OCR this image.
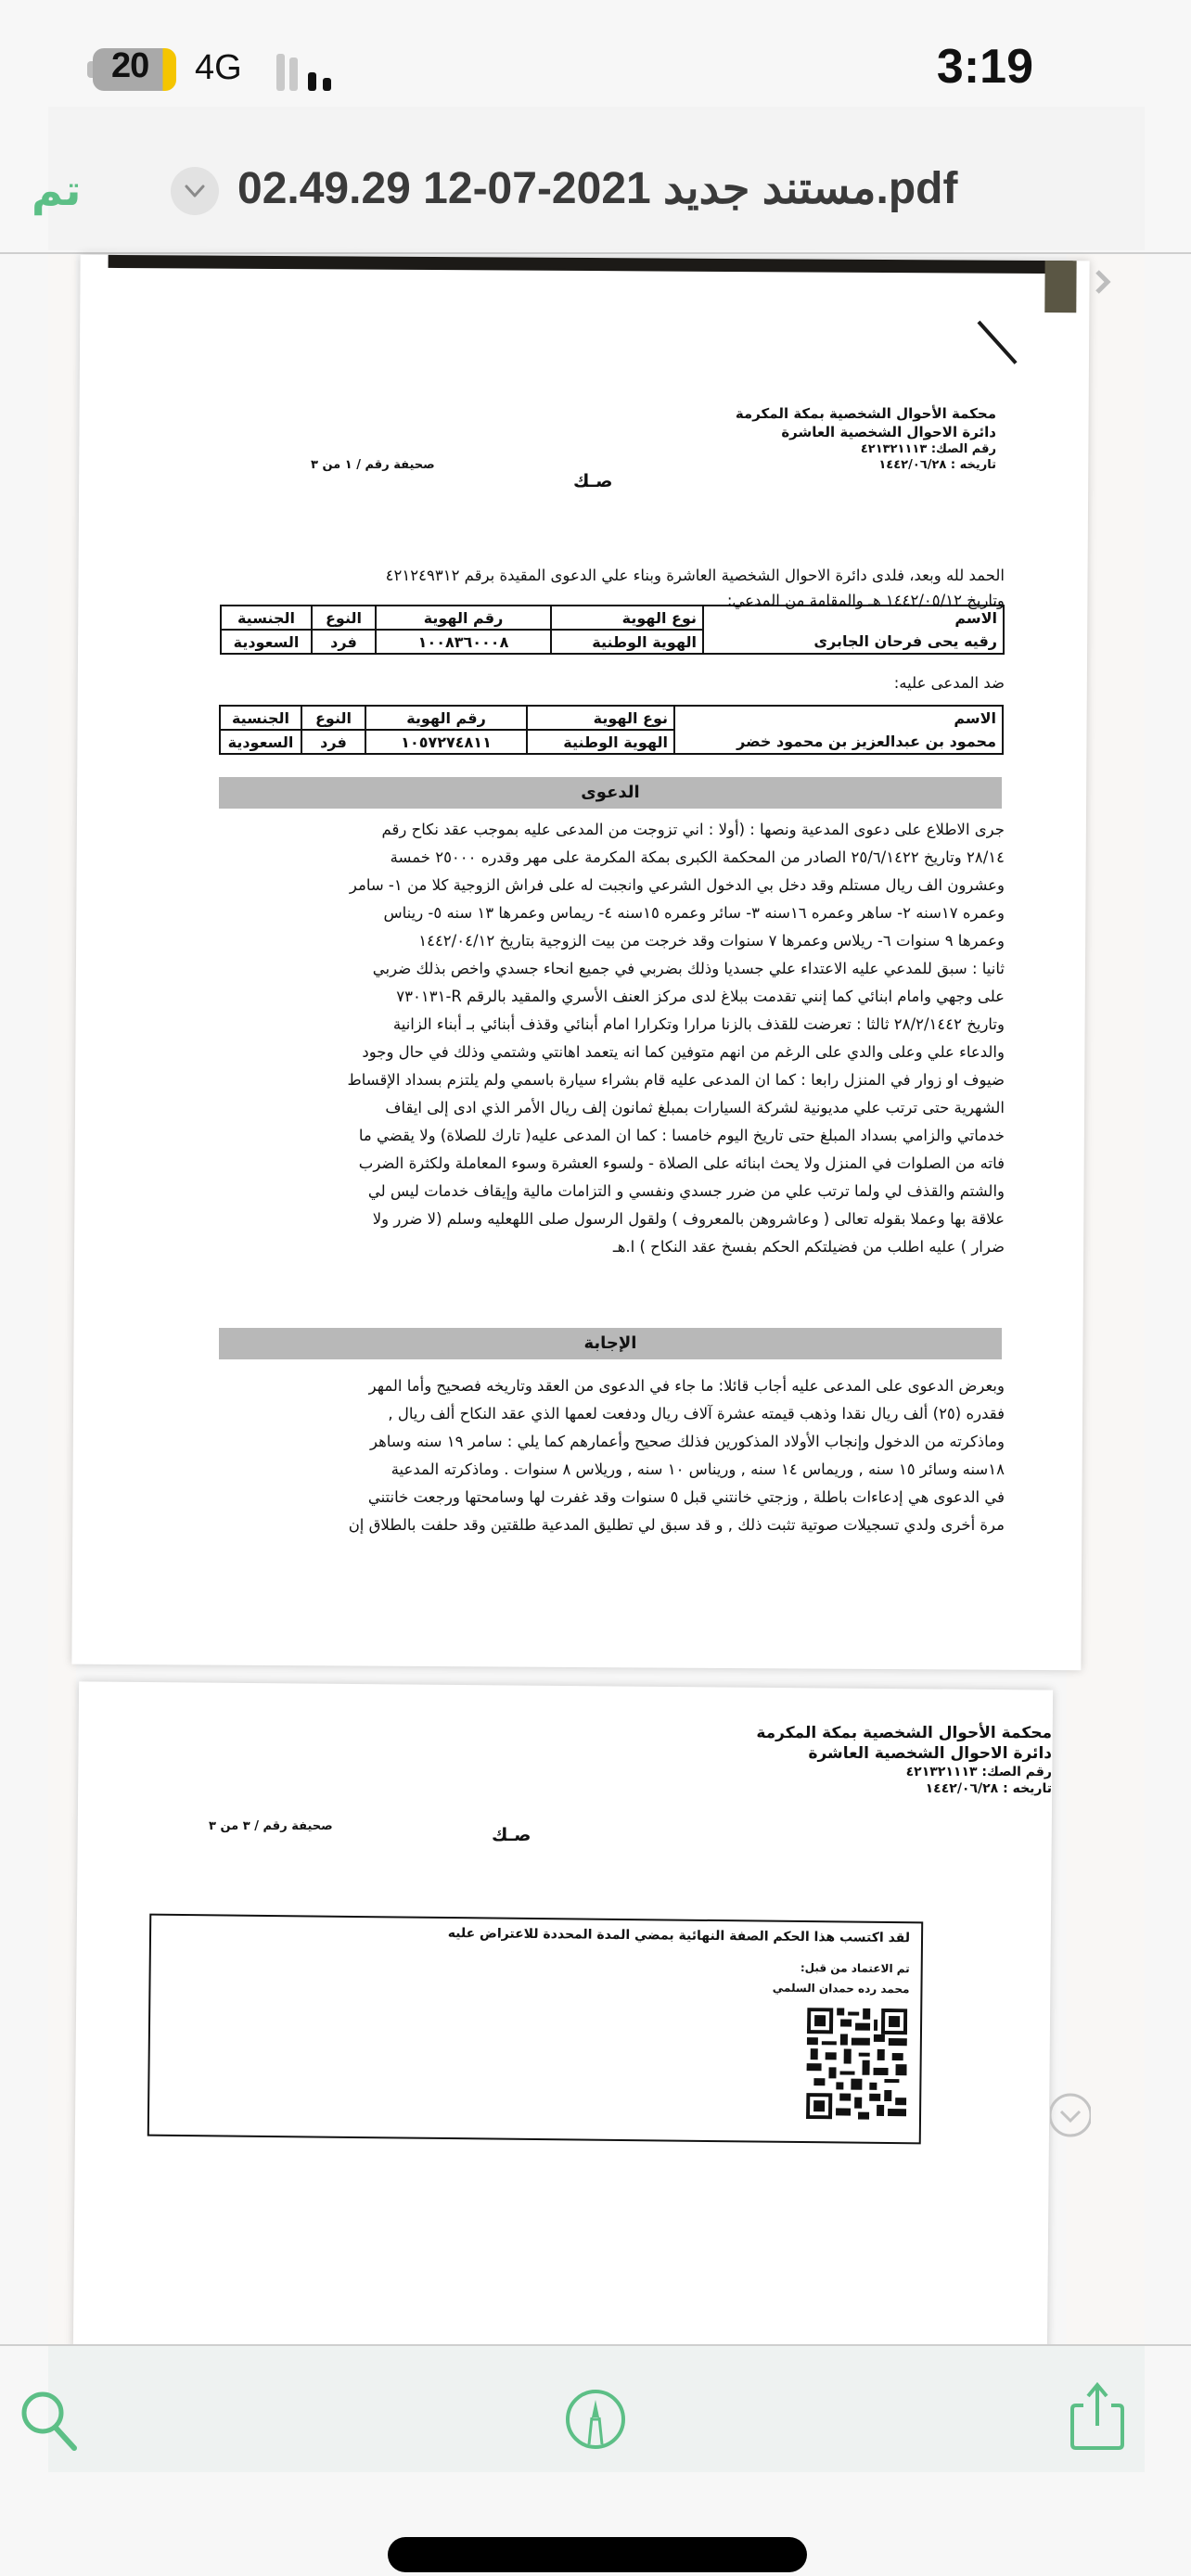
20 4G	3:19
تم	02.49.29 12-07-2021 مستند جديد.pdf
محكمة الأحوال الشخصية بمكة المكرمة
دائرة الاحوال الشخصية العاشرة
رقم الصك: ٤٢١٣٢١١١٣
تاريخه : ١٤٤٢/٠٦/٢٨
صحيفة رقم / ١ من ٣
صـك
الحمد لله وبعد، فلدى دائرة الاحوال الشخصية العاشرة وبناء علي الدعوى المقيدة برقم ٤٢١٢٤٩٣١٢
وتاريخ ١٤٤٢/٠٥/١٢ هـ والمقامة من المدعي:
الاسم	نوع الهوية	رقم الهوية	النوع	الجنسية
رقيه يحى فرحان الجابرى	الهوية الوطنية	١٠٠٨٣٦٠٠٠٨	فرد	السعودية
ضد المدعى عليه:
الاسم	نوع الهوية	رقم الهوية	النوع	الجنسية
محمود بن عبدالعزيز بن محمود خضر	الهوية الوطنية	١٠٥٧٢٧٤٨١١	فرد	السعودية
الدعوى
جرى الاطلاع على دعوى المدعية ونصها : (أولا : اني تزوجت من المدعى عليه بموجب عقد نكاح رقم
٢٨/١٤ وتاريخ ٢٥/٦/١٤٢٢ الصادر من المحكمة الكبرى بمكة المكرمة على مهر وقدره ٢٥٠٠٠ خمسة
وعشرون الف ريال مستلم وقد دخل بي الدخول الشرعي وانجبت له على فراش الزوجية كلا من ١- سامر
وعمره ١٧سنه ٢- ساهر وعمره ١٦سنه ٣- سائر وعمره ١٥سنه ٤- ريماس وعمرها ١٣ سنه ٥- ريناس
وعمرها ٩ سنوات ٦- ريلاس وعمرها ٧ سنوات وقد خرجت من بيت الزوجية بتاريخ ١٤٤٢/٠٤/١٢
ثانيا : سبق للمدعي عليه الاعتداء علي جسديا وذلك بضربي في جميع انحاء جسدي واخص بذلك ضربي
على وجهي وامام ابنائي كما إنني تقدمت ببلاغ لدى مركز العنف الأسري والمقيد بالرقم R-٧٣٠١٣١
وتاريخ ٢٨/٢/١٤٤٢ ثالثا : تعرضت للقذف بالزنا مرارا وتكرارا امام أبنائي وقذف أبنائي بـ أبناء الزانية
والدعاء علي وعلى والدي على الرغم من انهم متوفين كما انه يتعمد اهانتي وشتمي وذلك في حال وجود
ضيوف او زوار في المنزل رابعا : كما ان المدعى عليه قام بشراء سيارة باسمي ولم يلتزم بسداد الإقساط
الشهرية حتى ترتب علي مديونية لشركة السيارات بمبلغ ثمانون إلف ريال الأمر الذي ادى إلى ايقاف
خدماتي والزامي بسداد المبلغ حتى تاريخ اليوم خامسا : كما ان المدعى عليه( تارك للصلاة) ولا يقضي ما
فاته من الصلوات في المنزل ولا يحث ابنائه على الصلاة - ولسوء العشرة وسوء المعاملة ولكثرة الضرب
والشتم والقذف لي ولما ترتب علي من ضرر جسدي ونفسي و التزامات مالية وإيقاف خدمات ليس لي
علاقة بها وعملا بقوله تعالى ( وعاشروهن بالمعروف ) ولقول الرسول صلى اللهعليه وسلم (لا ضرر ولا
ضرار ) عليه اطلب من فضيلتكم الحكم بفسخ عقد النكاح ) ا.هـ
الإجابة
وبعرض الدعوى على المدعى عليه أجاب قائلا: ما جاء في الدعوى من العقد وتاريخه فصحيح وأما المهر
فقدره (٢٥) ألف ريال نقدا وذهب قيمته عشرة آلاف ريال ودفعت لعمها الذي عقد النكاح ألف ريال ,
وماذكرته من الدخول وإنجاب الأولاد المذكورين فذلك صحيح وأعمارهم كما يلي : سامر ١٩ سنه وساهر
١٨سنه وسائر ١٥ سنه , وريماس ١٤ سنه , وريناس ١٠ سنه , وريلاس ٨ سنوات . وماذكرته المدعية
في الدعوى هي إدعاءات باطلة , وزجتي خانتني قبل ٥ سنوات وقد غفرت لها وسامحتها ورجعت خانتني
مرة أخرى ولدي تسجيلات صوتية تثبت ذلك , و قد سبق لي تطليق المدعية طلقتين وقد حلفت بالطلاق إن
محكمة الأحوال الشخصية بمكة المكرمة
دائرة الاحوال الشخصية العاشرة
رقم الصك: ٤٢١٣٢١١١٣
تاريخه : ١٤٤٢/٠٦/٢٨
صحيفة رقم / ٣ من ٣	صـك
لقد اكتسب هذا الحكم الصفة النهائية بمضي المدة المحددة للاعتراض عليه
تم الاعتماد من قبل:
محمد رده حمدان السلمي
